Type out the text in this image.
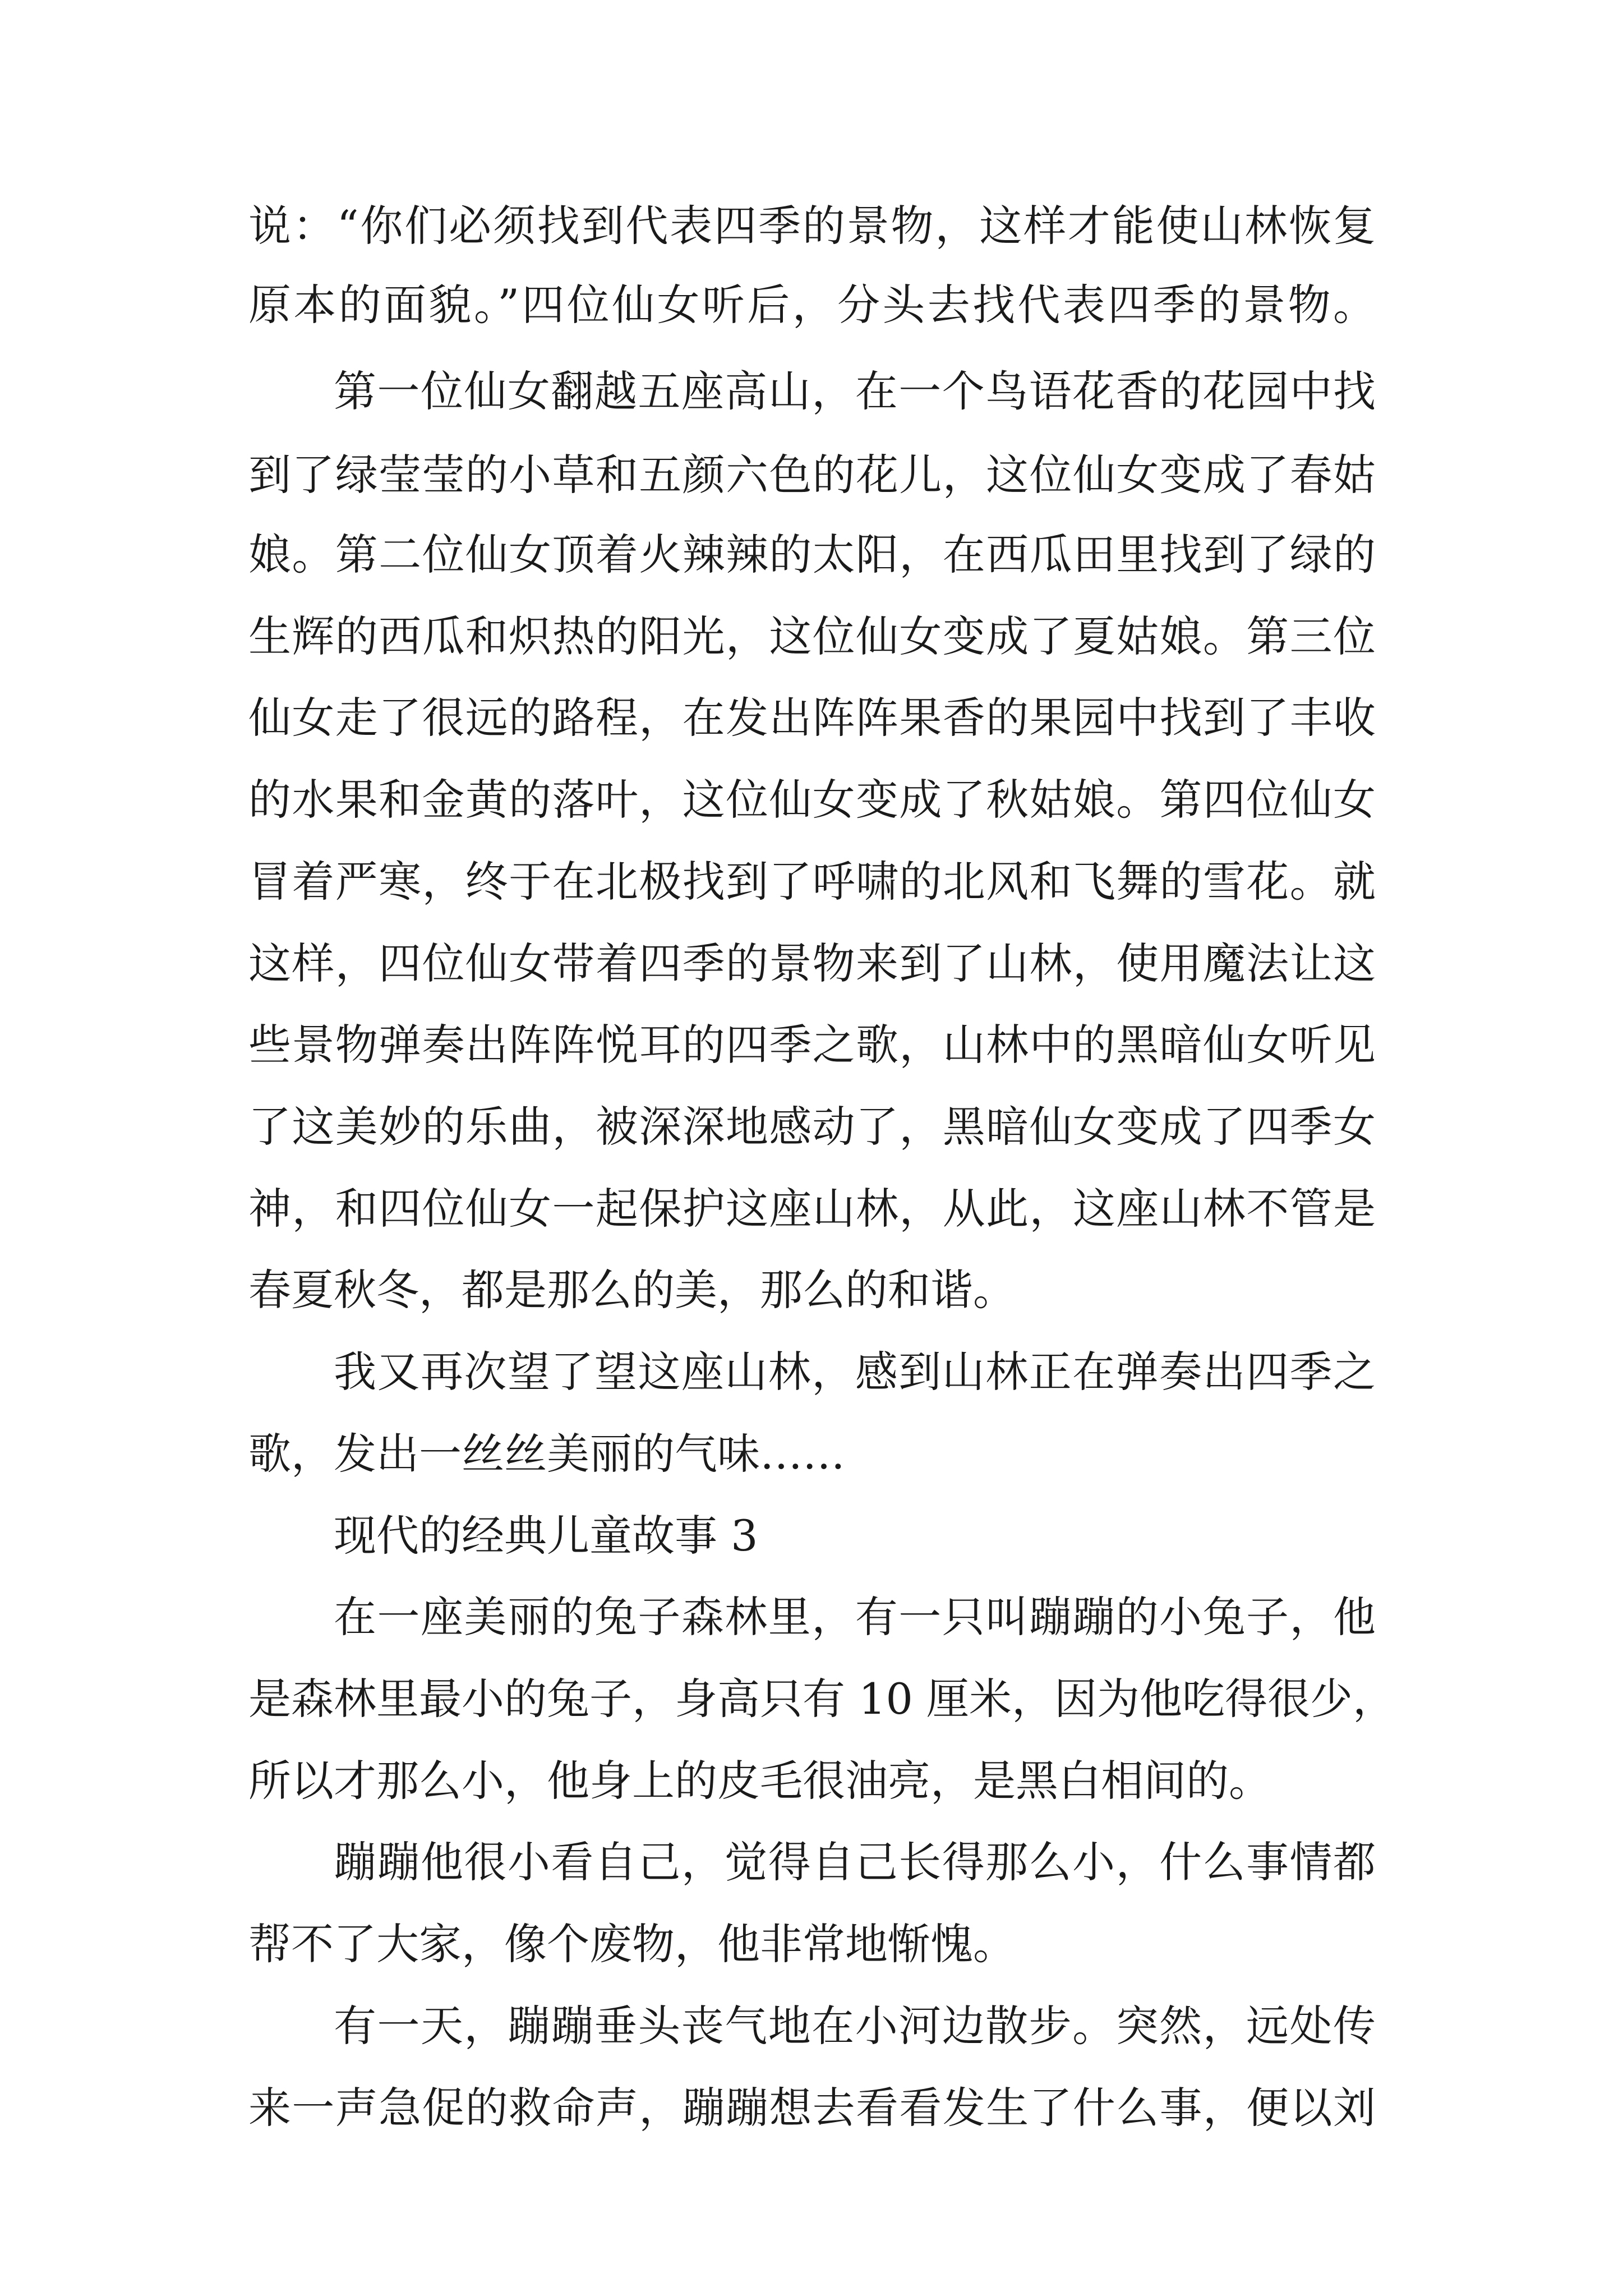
说：“你们必须找到代表四季的景物，这样才能使山林恢复

原本的面貌。”四位仙女听后，分头去找代表四季的景物。

第一位仙女翻越五座高山，在一个鸟语花香的花园中找

到了绿莹莹的小草和五颜六色的花儿，这位仙女变成了春姑

娘。第二位仙女顶着火辣辣的太阳，在西瓜田里找到了绿的

生辉的西瓜和炽热的阳光，这位仙女变成了夏姑娘。第三位

仙女走了很远的路程，在发出阵阵果香的果园中找到了丰收

的水果和金黄的落叶，这位仙女变成了秋姑娘。第四位仙女

冒着严寒，终于在北极找到了呼啸的北风和飞舞的雪花。就

这样，四位仙女带着四季的景物来到了山林，使用魔法让这

些景物弹奏出阵阵悦耳的四季之歌，山林中的黑暗仙女听见

了这美妙的乐曲，被深深地感动了，黑暗仙女变成了四季女

神，和四位仙女一起保护这座山林，从此，这座山林不管是

春夏秋冬，都是那么的美，那么的和谐。

我又再次望了望这座山林，感到山林正在弹奏出四季之

歌，发出一丝丝美丽的气味……

现代的经典儿童故事 3

在一座美丽的兔子森林里，有一只叫蹦蹦的小兔子，他

是森林里最小的兔子，身高只有 10 厘米，因为他吃得很少，

所以才那么小，他身上的皮毛很油亮，是黑白相间的。

蹦蹦他很小看自己，觉得自己长得那么小，什么事情都

帮不了大家，像个废物，他非常地惭愧。

有一天，蹦蹦垂头丧气地在小河边散步。突然，远处传

来一声急促的救命声，蹦蹦想去看看发生了什么事，便以刘
